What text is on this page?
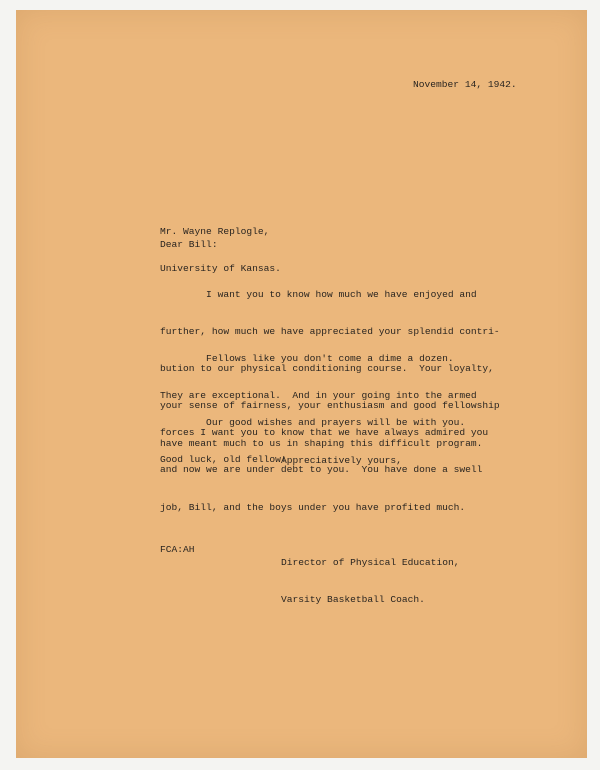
November 14, 1942.

Mr. Wayne Replogle,

University of Kansas.

Dear Bill:

I want you to know how much we have enjoyed and

further, how much we have appreciated your splendid contri-

bution to our physical conditioning course.  Your loyalty,

your sense of fairness, your enthusiasm and good fellowship

have meant much to us in shaping this difficult program.

Fellows like you don't come a dime a dozen.

They are exceptional.  And in your going into the armed

forces I want you to know that we have always admired you

and now we are under debt to you.  You have done a swell

job, Bill, and the boys under you have profited much.

Our good wishes and prayers will be with you.

Good luck, old fellow!

Appreciatively yours,

Director of Physical Education,

Varsity Basketball Coach.

FCA:AH
